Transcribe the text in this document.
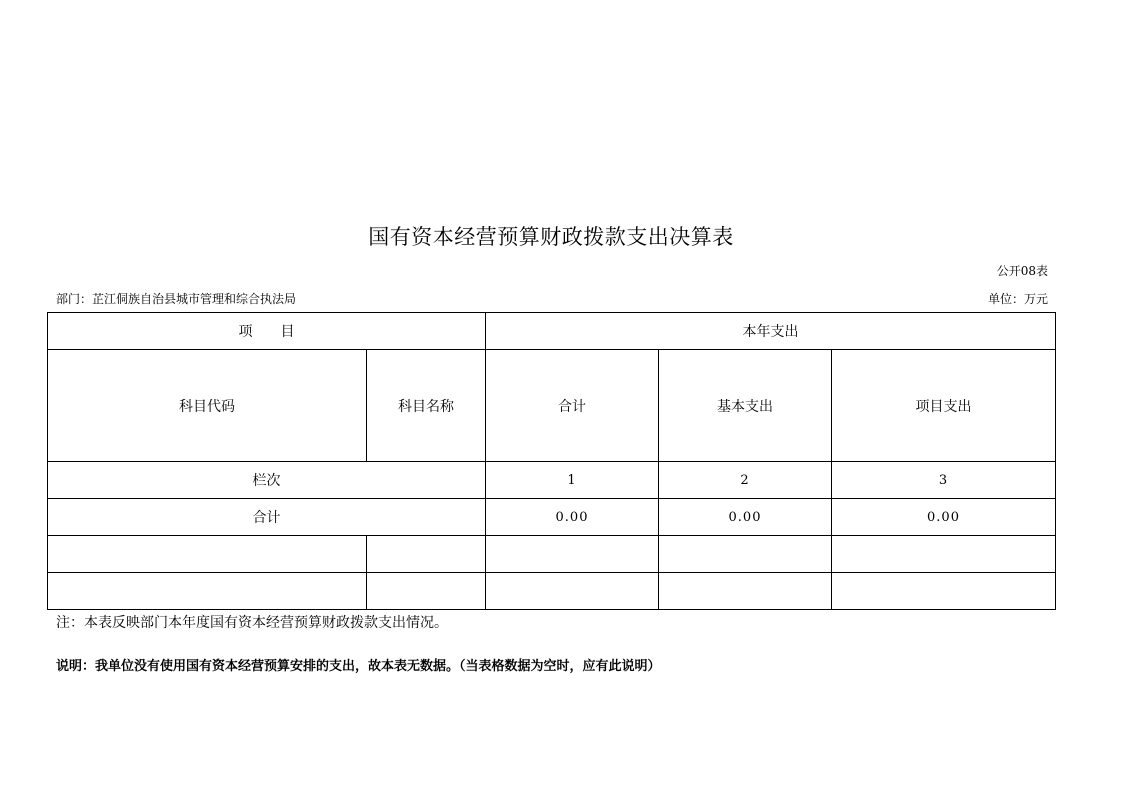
国有资本经营预算财政拨款支出决算表
公开08表
部门：芷江侗族自治县城市管理和综合执法局	单位：万元
项　　目		本年支出		
科目代码	科目名称	合计	基本支出	项目支出
栏次		1	2	3
合计		0.00	0.00	0.00

注：本表反映部门本年度国有资本经营预算财政拨款支出情况。
说明：我单位没有使用国有资本经营预算安排的支出，故本表无数据。（当表格数据为空时，应有此说明）
